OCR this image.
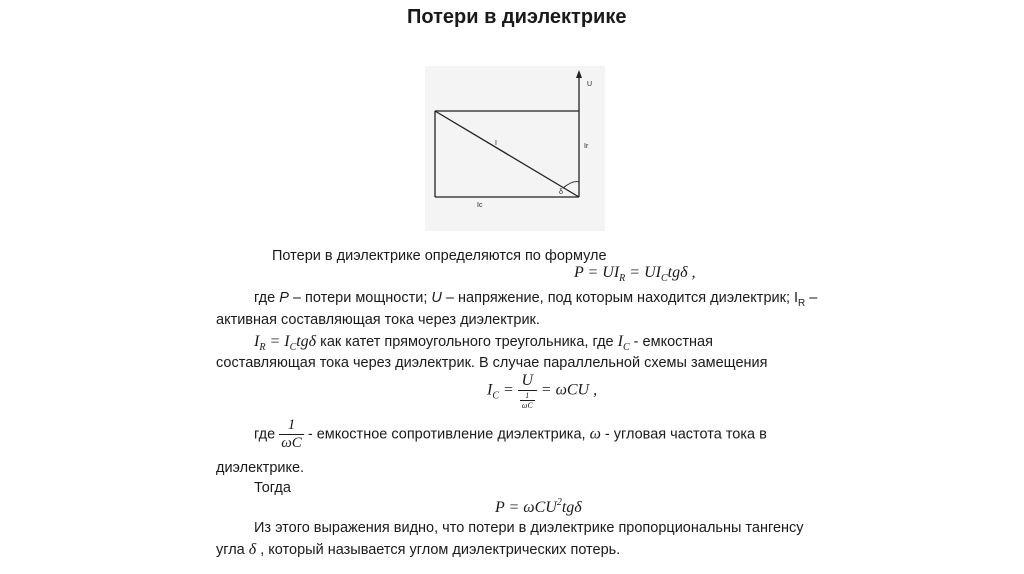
Потери в диэлектрике
U
Ir
I
δ
Ic
Потери в диэлектрике определяются по формуле
$P = UI_R = UI_Ctg\delta$ ,
где P – потери мощности; U – напряжение, под которым находится диэлектрик; $I_R$ –
активная составляющая тока через диэлектрик.
$I_R = I_Ctg\delta$ как катет прямоугольного треугольника, где $I_C$ - емкостная
составляющая тока через диэлектрик. В случае параллельной схемы замещения
$I_C = \frac{U}{\frac{1}{\omega C}} = \omega CU$ ,
где $\frac{1}{\omega C}$ - емкостное сопротивление диэлектрика, ω - угловая частота тока в
диэлектрике.
Тогда
P = ωCU$^2$tgδ
Из этого выражения видно, что потери в диэлектрике пропорциональны тангенсу
угла δ , который называется углом диэлектрических потерь.
